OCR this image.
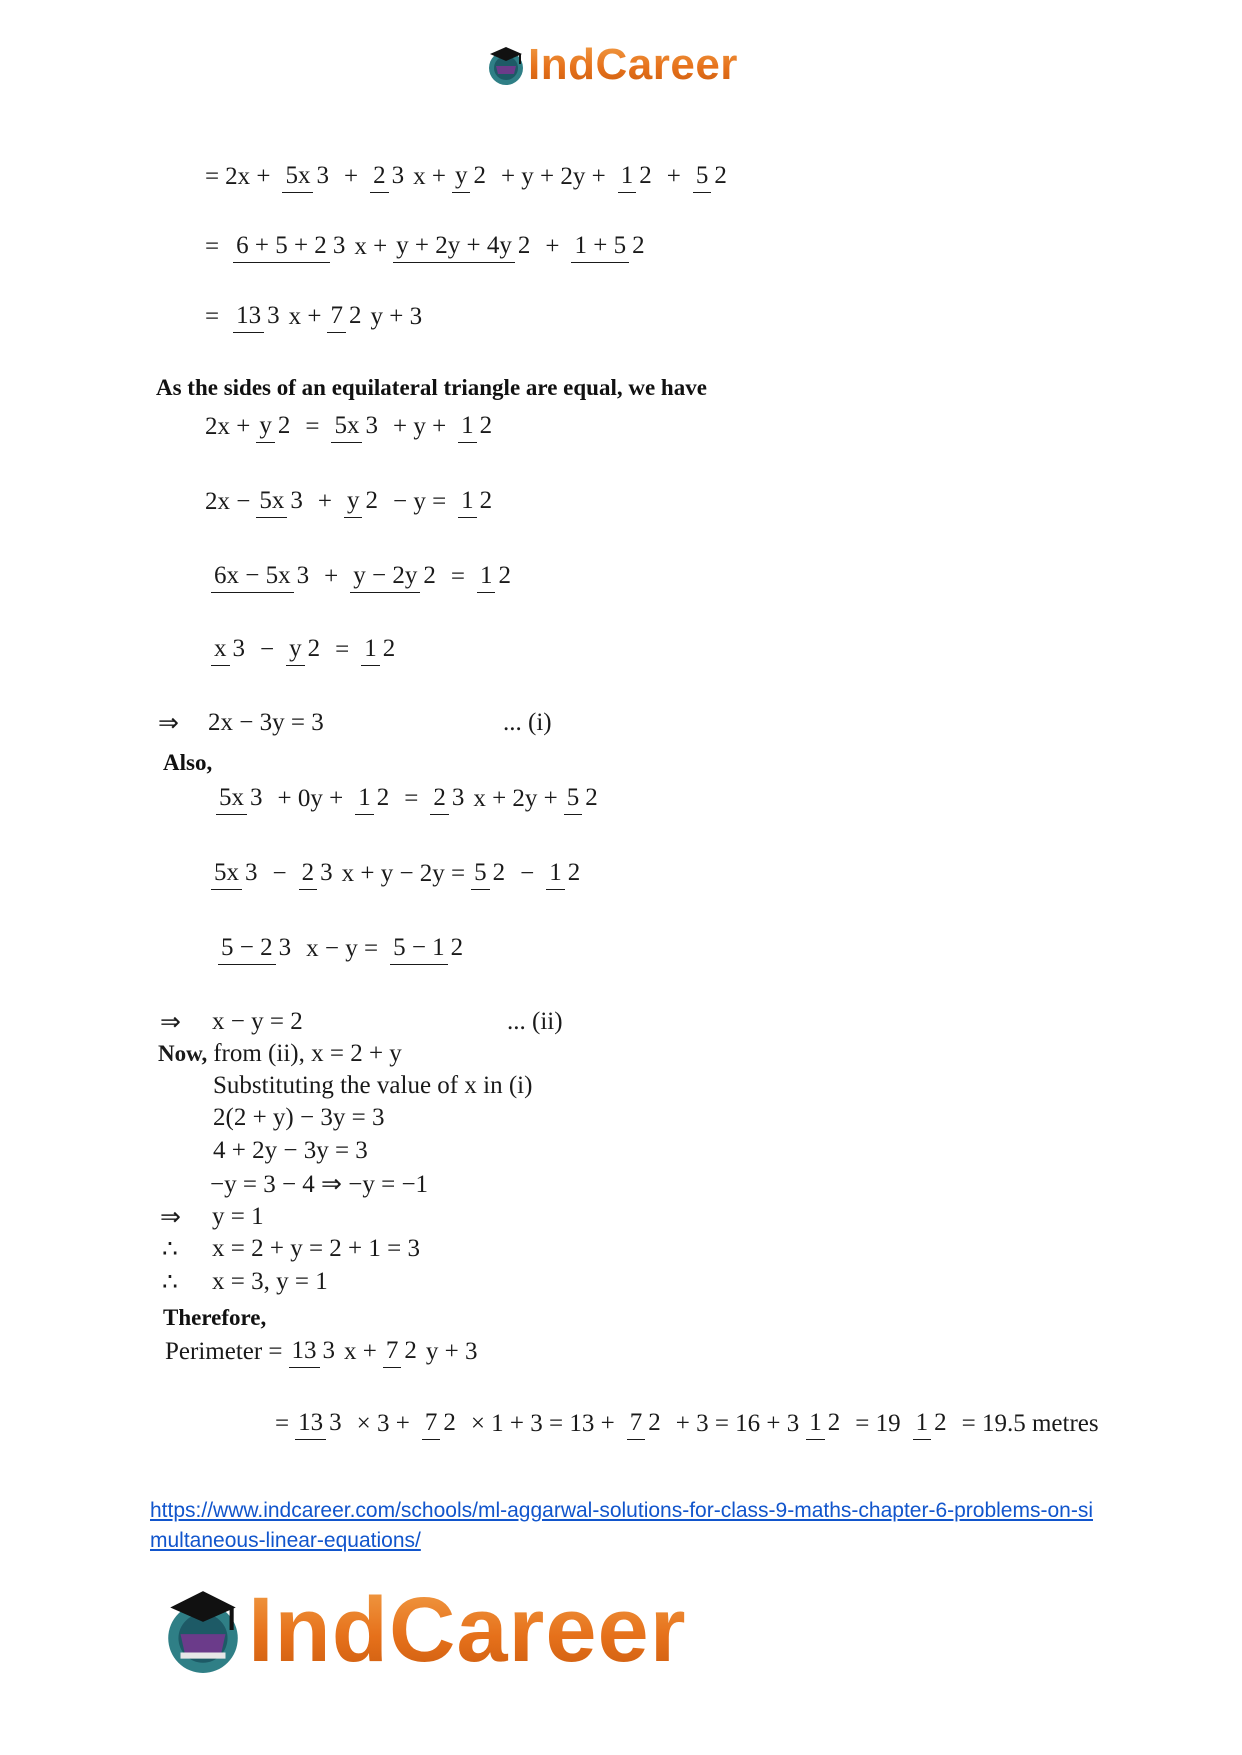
IndCareer
= 2x + 5x 3 + 2 3 x + y 2 + y + 2y + 1 2 + 5 2
= 6 + 5 + 2 3 x + y + 2y + 4y 2 + 1 + 5 2
= 13 3 x + 7 2 y + 3
As the sides of an equilateral triangle are equal, we have
2x + y 2 = 5x 3 + y + 1 2
2x − 5x 3 + y 2 − y = 1 2
6x − 5x 3 + y − 2y 2 = 1 2
x 3 − y 2 = 1 2
⇒	2x − 3y = 3	... (i)
Also,
5x 3 + 0y + 1 2 = 2 3 x + 2y + 5 2
5x 3 − 2 3 x + y − 2y = 5 2 − 1 2
5 − 2 3 x − y = 5 − 1 2
⇒	x − y = 2	... (ii)
Now, from (ii), x = 2 + y
Substituting the value of x in (i)
2(2 + y) − 3y = 3
4 + 2y − 3y = 3
−y = 3 − 4 ⇒ −y = −1
⇒	y = 1
∴	x = 2 + y = 2 + 1 = 3
∴	x = 3, y = 1
Therefore,
Perimeter = 13 3 x + 7 2 y + 3
= 13 3 × 3 + 7 2 × 1 + 3 = 13 + 7 2 + 3 = 16 + 3 1 2 = 19 1 2 = 19.5 metres
https://www.indcareer.com/schools/ml-aggarwal-solutions-for-class-9-maths-chapter-6-problems-on-simultaneous-linear-equations/
IndCareer
